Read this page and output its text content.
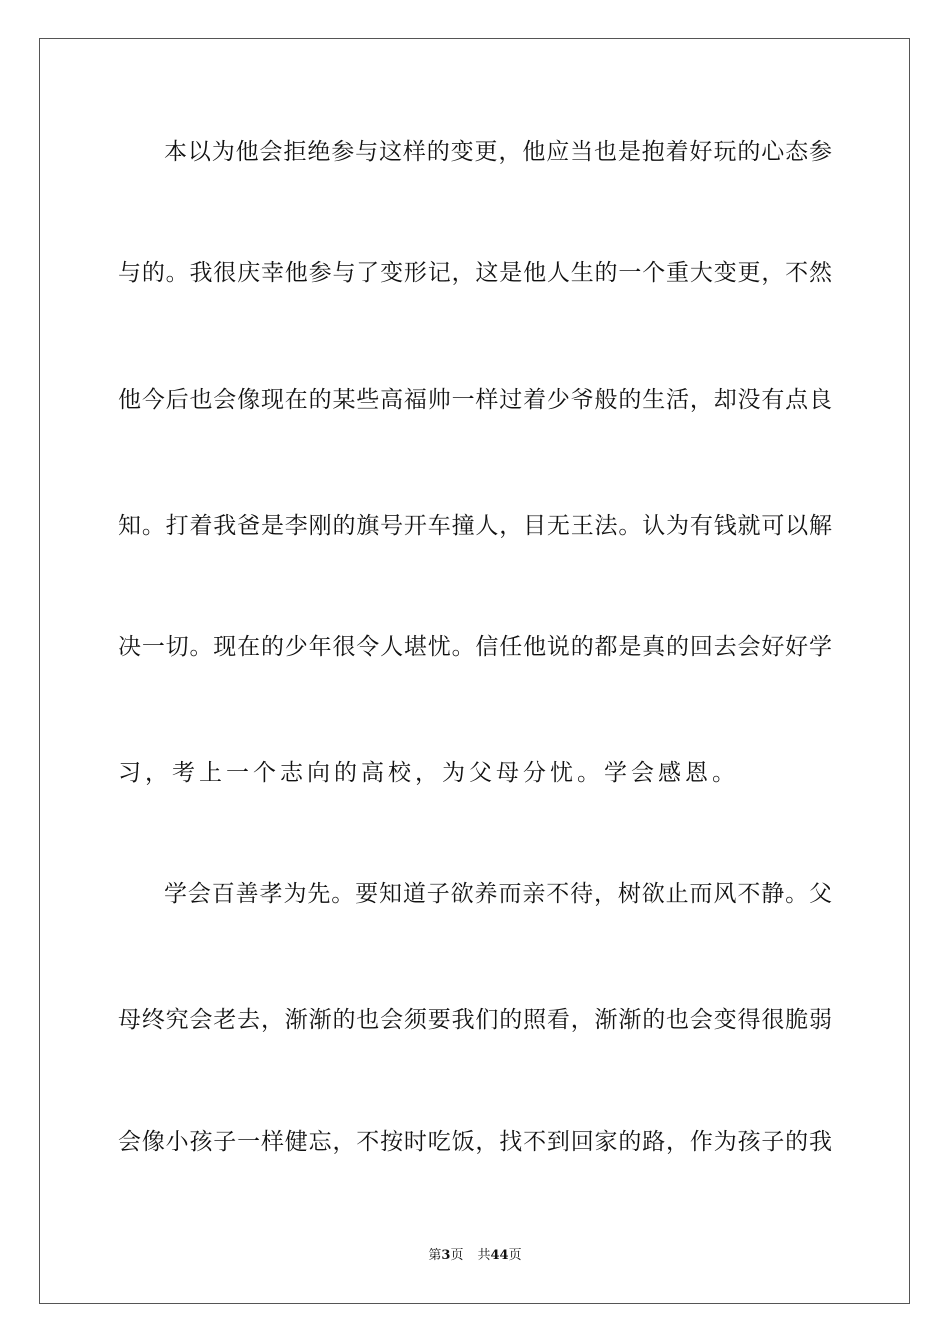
本以为他会拒绝参与这样的变更，他应当也是抱着好玩的心态参
与的。我很庆幸他参与了变形记，这是他人生的一个重大变更，不然
他今后也会像现在的某些高福帅一样过着少爷般的生活，却没有点良
知。打着我爸是李刚的旗号开车撞人，目无王法。认为有钱就可以解
决一切。现在的少年很令人堪忧。信任他说的都是真的回去会好好学
习，考上一个志向的高校，为父母分忧。学会感恩。
学会百善孝为先。要知道子欲养而亲不待，树欲止而风不静。父
母终究会老去，渐渐的也会须要我们的照看，渐渐的也会变得很脆弱
会像小孩子一样健忘，不按时吃饭，找不到回家的路，作为孩子的我
第3页 共44页
